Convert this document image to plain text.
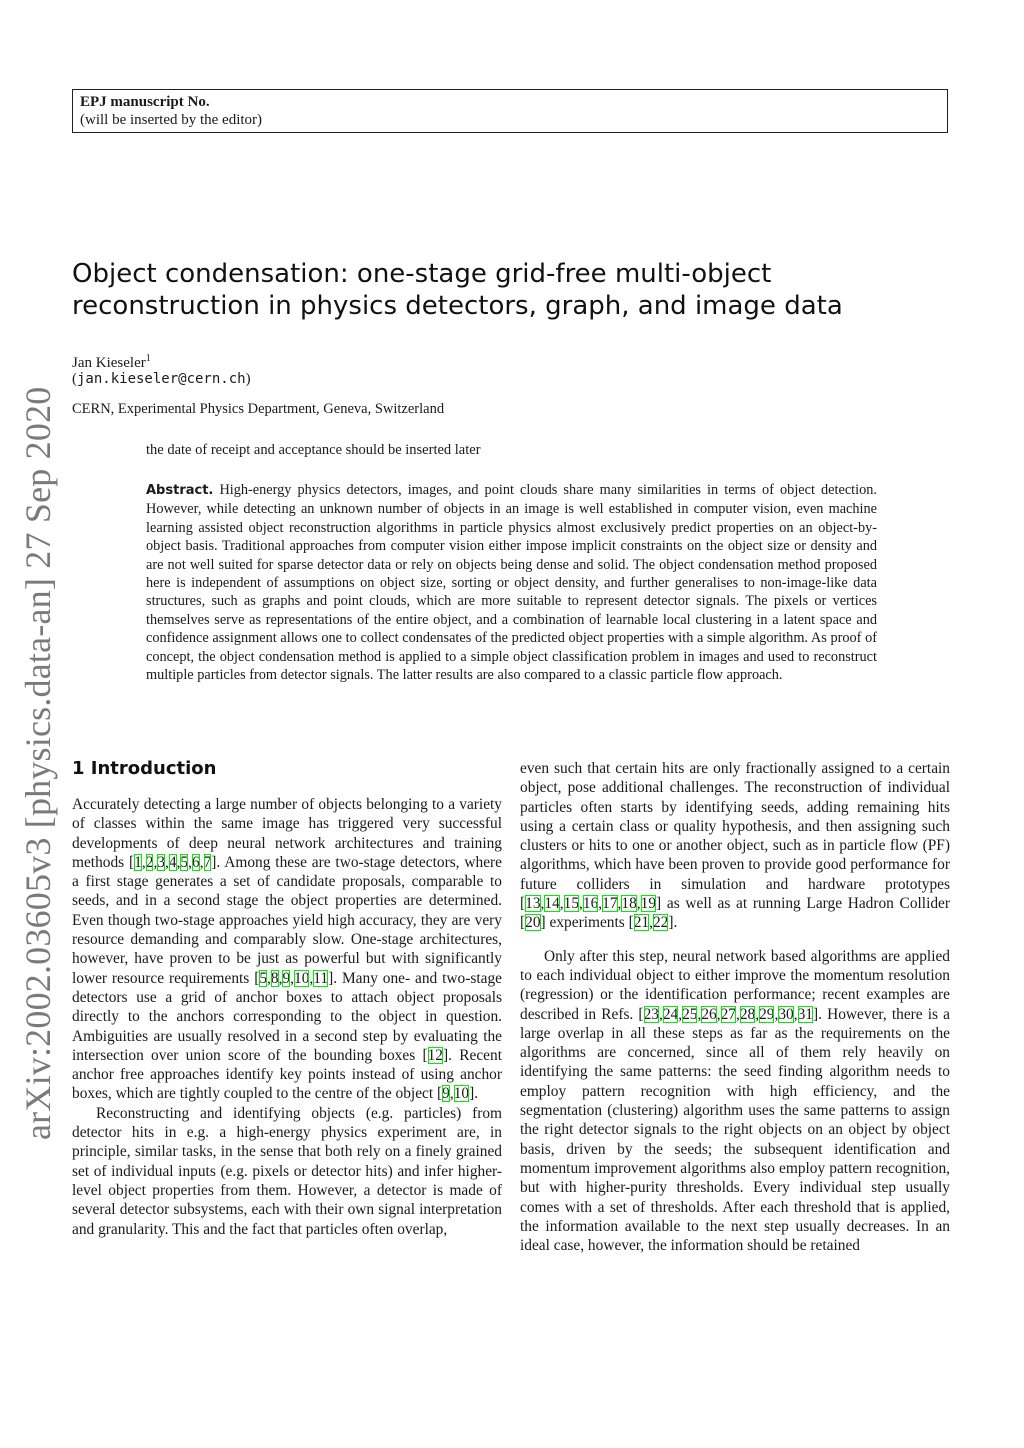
EPJ manuscript No.
(will be inserted by the editor)
arXiv:2002.03605v3 [physics.data-an] 27 Sep 2020
Object condensation: one-stage grid-free multi-object
reconstruction in physics detectors, graph, and image data
Jan Kieseler$^1$
(jan.kieseler@cern.ch)
CERN, Experimental Physics Department, Geneva, Switzerland
the date of receipt and acceptance should be inserted later

Abstract. High-energy physics detectors, images, and point clouds share many similarities in terms of object detection. However, while detecting an unknown number of objects in an image is well established in computer vision, even machine learning assisted object reconstruction algorithms in particle physics almost exclusively predict properties on an object-by-object basis. Traditional approaches from computer vision either impose implicit constraints on the object size or density and are not well suited for sparse detector data or rely on objects being dense and solid. The object condensation method proposed here is independent of assumptions on object size, sorting or object density, and further generalises to non-image-like data structures, such as graphs and point clouds, which are more suitable to represent detector signals. The pixels or vertices themselves serve as representations of the entire object, and a combination of learnable local clustering in a latent space and confidence assignment allows one to collect condensates of the predicted object properties with a simple algorithm. As proof of concept, the object condensation method is applied to a simple object classification problem in images and used to reconstruct multiple particles from detector signals. The latter results are also compared to a classic particle flow approach.

1 Introduction

Accurately detecting a large number of objects belonging to a variety of classes within the same image has triggered very successful developments of deep neural network architectures and training methods [1,2,3,4,5,6,7]. Among these are two-stage detectors, where a first stage generates a set of candidate proposals, comparable to seeds, and in a second stage the object properties are determined. Even though two-stage approaches yield high accuracy, they are very resource demanding and comparably slow. One-stage architectures, however, have proven to be just as powerful but with significantly lower resource requirements [5,8,9,10,11]. Many one- and two-stage detectors use a grid of anchor boxes to attach object proposals directly to the anchors corresponding to the object in question. Ambiguities are usually resolved in a second step by evaluating the intersection over union score of the bounding boxes [12]. Recent anchor free approaches identify key points instead of using anchor boxes, which are tightly coupled to the centre of the object [9,10].

Reconstructing and identifying objects (e.g. particles) from detector hits in e.g. a high-energy physics experiment are, in principle, similar tasks, in the sense that both rely on a finely grained set of individual inputs (e.g. pixels or detector hits) and infer higher-level object properties from them. However, a detector is made of several detector subsystems, each with their own signal interpretation and granularity. This and the fact that particles often overlap,

even such that certain hits are only fractionally assigned to a certain object, pose additional challenges. The reconstruction of individual particles often starts by identifying seeds, adding remaining hits using a certain class or quality hypothesis, and then assigning such clusters or hits to one or another object, such as in particle flow (PF) algorithms, which have been proven to provide good performance for future colliders in simulation and hardware prototypes [13,14,15,16,17,18,19] as well as at running Large Hadron Collider [20] experiments [21,22].

Only after this step, neural network based algorithms are applied to each individual object to either improve the momentum resolution (regression) or the identification performance; recent examples are described in Refs. [23,24,25,26,27,28,29,30,31]. However, there is a large overlap in all these steps as far as the requirements on the algorithms are concerned, since all of them rely heavily on identifying the same patterns: the seed finding algorithm needs to employ pattern recognition with high efficiency, and the segmentation (clustering) algorithm uses the same patterns to assign the right detector signals to the right objects on an object by object basis, driven by the seeds; the subsequent identification and momentum improvement algorithms also employ pattern recognition, but with higher-purity thresholds. Every individual step usually comes with a set of thresholds. After each threshold that is applied, the information available to the next step usually decreases. In an ideal case, however, the information should be retained
